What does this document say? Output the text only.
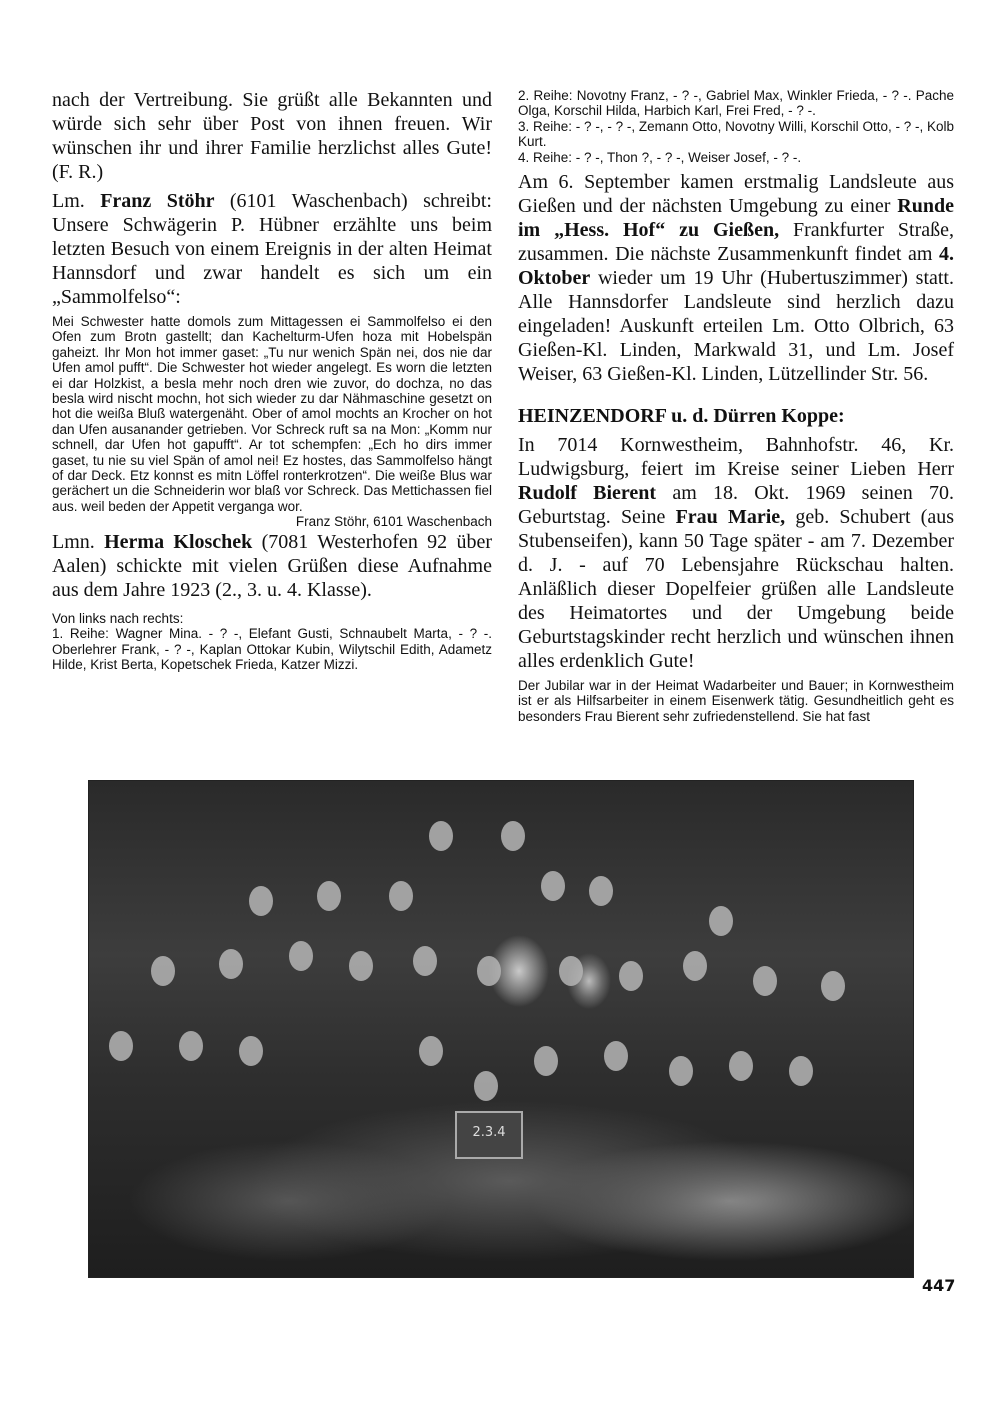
nach der Vertreibung. Sie grüßt alle Bekannten und würde sich sehr über Post von ihnen freuen. Wir wünschen ihr und ihrer Familie herzlichst alles Gute! (F. R.)

Lm. Franz Stöhr (6101 Waschenbach) schreibt: Unsere Schwägerin P. Hübner erzählte uns beim letzten Besuch von einem Ereignis in der alten Heimat Hannsdorf und zwar handelt es sich um ein „Sammolfelso“:

Mei Schwester hatte domols zum Mittagessen ei Sammolfelso ei den Ofen zum Brotn gastellt; dan Kachelturm-Ufen hoza mit Hobelspän gaheizt. Ihr Mon hot immer gaset: „Tu nur wenich Spän nei, dos nie dar Ufen amol pufft“. Die Schwester hot wieder angelegt. Es worn die letzten ei dar Holzkist, a besla mehr noch dren wie zuvor, do dochza, no das besla wird nischt mochn, hot sich wieder zu dar Nähmaschine gesetzt on hot die weißa Bluß watergenäht. Ober of amol mochts an Krocher on hot dan Ufen ausanander getrieben. Vor Schreck ruft sa na Mon: „Komm nur schnell, dar Ufen hot gapufft“. Ar tot schempfen: „Ech ho dirs immer gaset, tu nie su viel Spän of amol nei! Ez hostes, das Sammolfelso hängt of dar Deck. Etz konnst es mitn Löffel ronterkrotzen“. Die weiße Blus war gerächert un die Schneiderin wor blaß vor Schreck. Das Mettichassen fiel aus. weil beden der Appetit verganga wor.

Franz Stöhr, 6101 Waschenbach

Lmn. Herma Kloschek (7081 Westerhofen 92 über Aalen) schickte mit vielen Grüßen diese Aufnahme aus dem Jahre 1923 (2., 3. u. 4. Klasse).

Von links nach rechts:

1. Reihe: Wagner Mina. - ? -, Elefant Gusti, Schnaubelt Marta, - ? -. Oberlehrer Frank, - ? -, Kaplan Ottokar Kubin, Wilytschil Edith, Adametz Hilde, Krist Berta, Kopetschek Frieda, Katzer Mizzi.

2. Reihe: Novotny Franz, - ? -, Gabriel Max, Winkler Frieda, - ? -. Pache Olga, Korschil Hilda, Harbich Karl, Frei Fred, - ? -.

3. Reihe: - ? -, - ? -, Zemann Otto, Novotny Willi, Korschil Otto, - ? -, Kolb Kurt.

4. Reihe: - ? -, Thon ?, - ? -, Weiser Josef, - ? -.

Am 6. September kamen erstmalig Landsleute aus Gießen und der nächsten Umgebung zu einer Runde im „Hess. Hof“ zu Gießen, Frankfurter Straße, zusammen. Die nächste Zusammenkunft findet am 4. Oktober wieder um 19 Uhr (Hubertuszimmer) statt. Alle Hannsdorfer Landsleute sind herzlich dazu eingeladen! Auskunft erteilen Lm. Otto Olbrich, 63 Gießen-Kl. Linden, Markwald 31, und Lm. Josef Weiser, 63 Gießen-Kl. Linden, Lützellinder Str. 56.

HEINZENDORF u. d. Dürren Koppe:

In 7014 Kornwestheim, Bahnhofstr. 46, Kr. Ludwigsburg, feiert im Kreise seiner Lieben Herr Rudolf Bierent am 18. Okt. 1969 seinen 70. Geburtstag. Seine Frau Marie, geb. Schubert (aus Stubenseifen), kann 50 Tage später - am 7. Dezember d. J. - auf 70 Lebensjahre Rückschau halten. Anläßlich dieser Dopelfeier grüßen alle Landsleute des Heimatortes und der Umgebung beide Geburtstagskinder recht herzlich und wünschen ihnen alles erdenklich Gute!

Der Jubilar war in der Heimat Wadarbeiter und Bauer; in Kornwestheim ist er als Hilfsarbeiter in einem Eisenwerk tätig. Gesundheitlich geht es besonders Frau Bierent sehr zufriedenstellend. Sie hat fast

2.3.4
447
